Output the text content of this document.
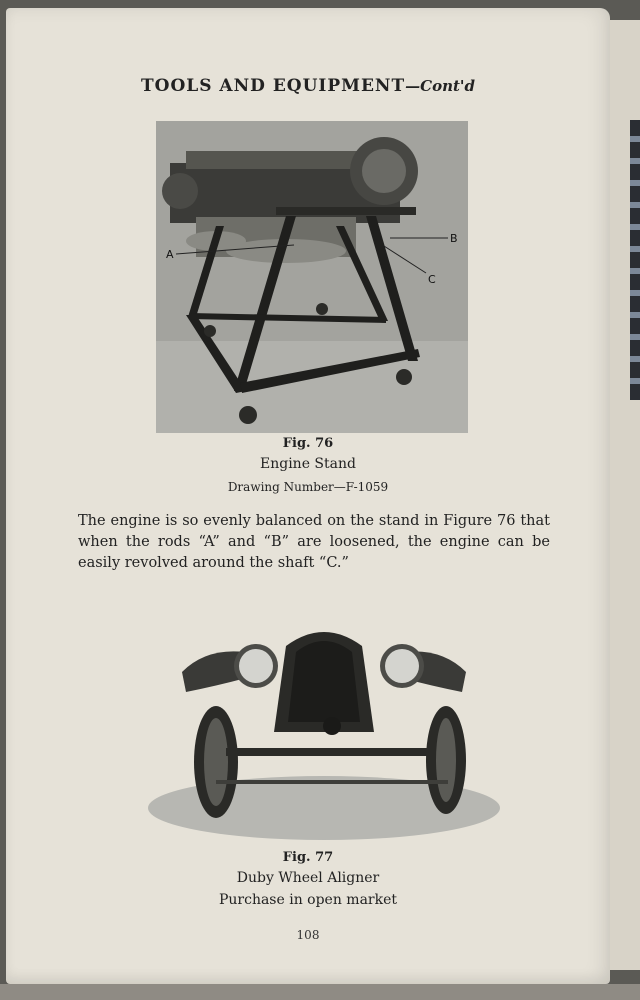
TOOLS AND EQUIPMENT—Cont'd
A
B
C
Fig. 76
Engine Stand
Drawing Number—F-1059

The engine is so evenly balanced on the stand in Figure 76 that when the rods “A” and “B” are loosened, the engine can be easily revolved around the shaft “C.”

Fig. 77
Duby Wheel Aligner
Purchase in open market
108
